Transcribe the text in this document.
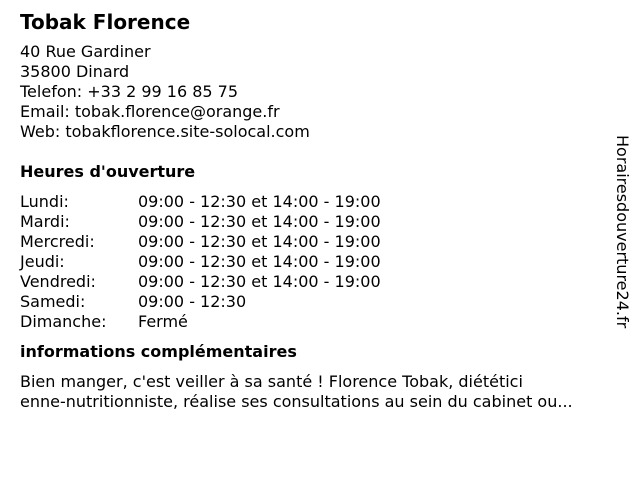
Tobak Florence
40 Rue Gardiner
35800 Dinard
Telefon: +33 2 99 16 85 75
Email: tobak.florence@orange.fr
Web: tobakflorence.site-solocal.com
Heures d'ouverture
Lundi:	09:00 - 12:30 et 14:00 - 19:00
Mardi:	09:00 - 12:30 et 14:00 - 19:00
Mercredi:	09:00 - 12:30 et 14:00 - 19:00
Jeudi:	09:00 - 12:30 et 14:00 - 19:00
Vendredi:	09:00 - 12:30 et 14:00 - 19:00
Samedi:	09:00 - 12:30
Dimanche:	Fermé
informations complémentaires
Bien manger, c'est veiller à sa santé ! Florence Tobak, diététici
enne-nutritionniste, réalise ses consultations au sein du cabinet ou...
Horairesdouverture24.fr
